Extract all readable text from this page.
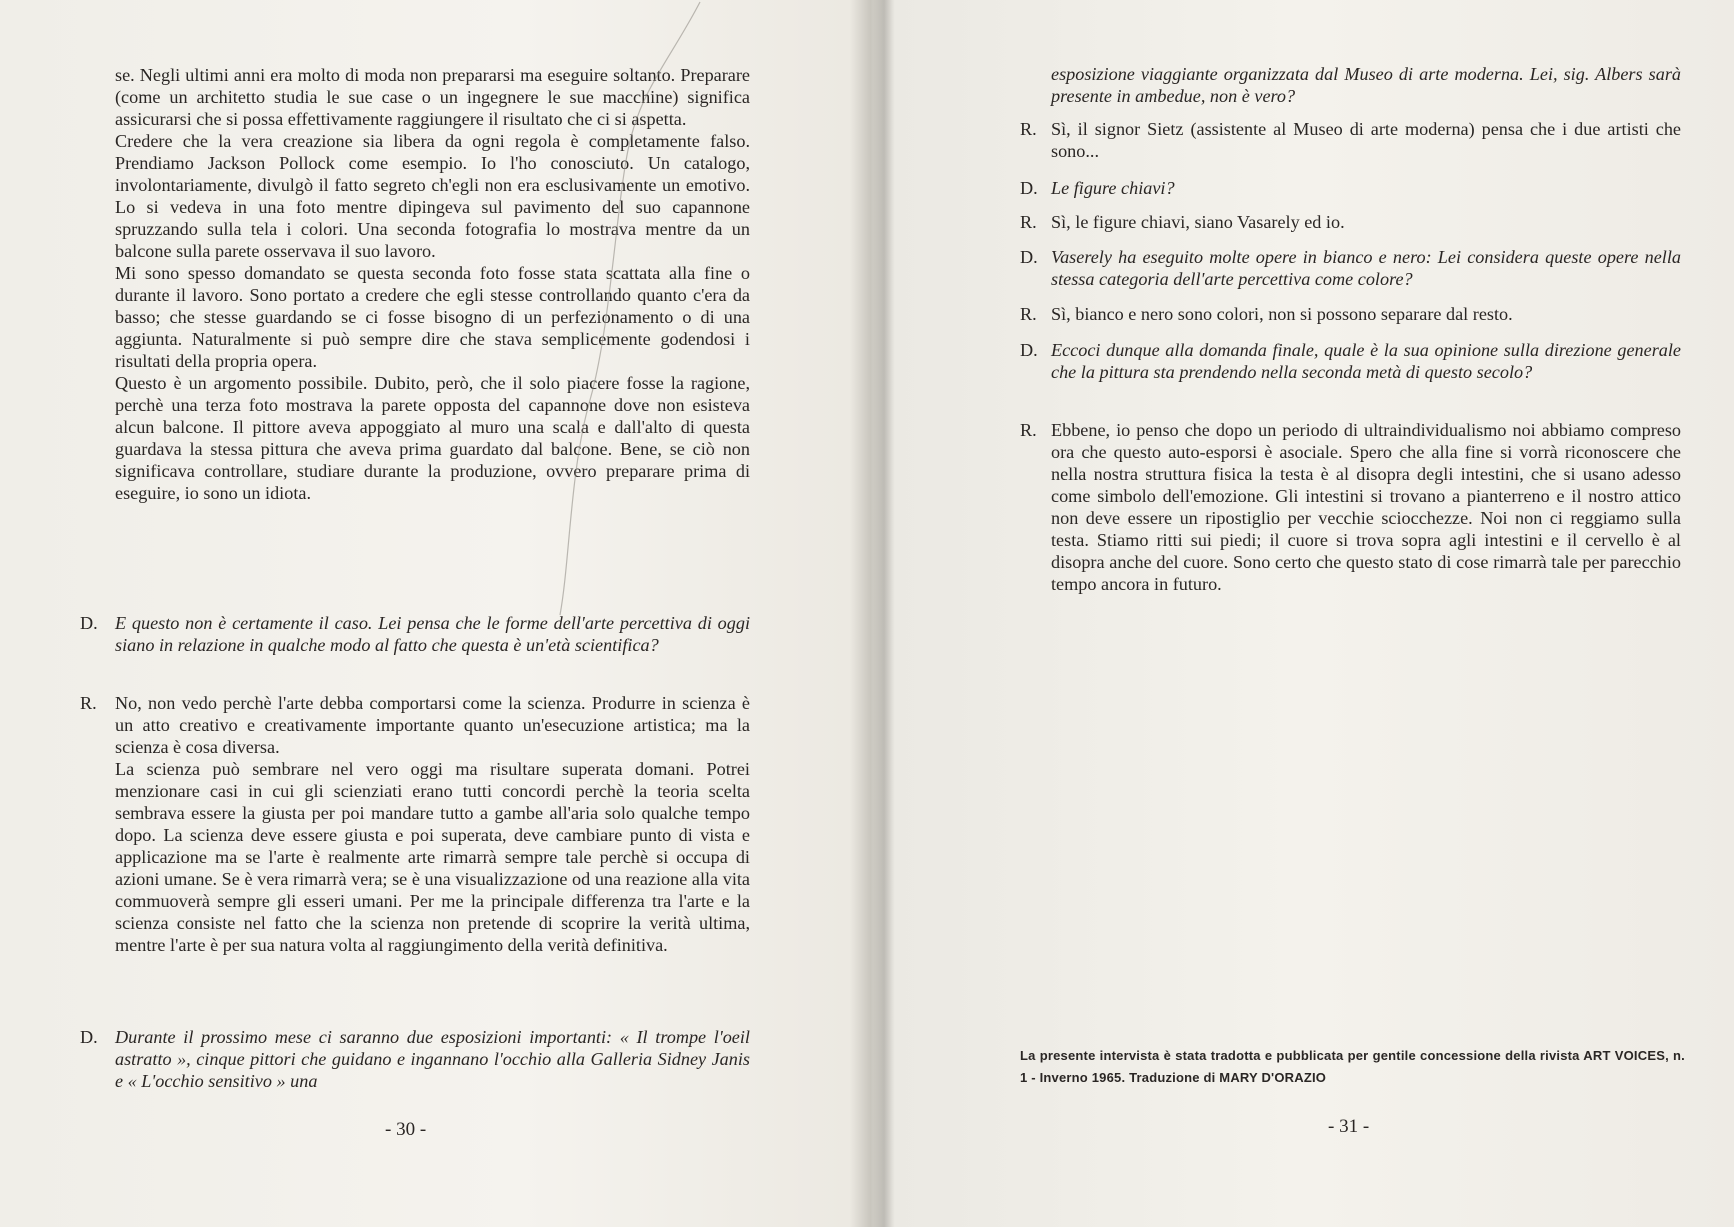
se. Negli ultimi anni era molto di moda non prepararsi ma eseguire soltanto. Preparare (come un architetto studia le sue case o un ingegnere le sue macchine) significa assicurarsi che si possa effettivamente raggiungere il risultato che ci si aspetta.

Credere che la vera creazione sia libera da ogni regola è completamente falso. Prendiamo Jackson Pollock come esempio. Io l'ho conosciuto. Un catalogo, involontariamente, divulgò il fatto segreto ch'egli non era esclusivamente un emotivo. Lo si vedeva in una foto mentre dipingeva sul pavimento del suo capannone spruzzando sulla tela i colori. Una seconda fotografia lo mostrava mentre da un balcone sulla parete osservava il suo lavoro.

Mi sono spesso domandato se questa seconda foto fosse stata scattata alla fine o durante il lavoro. Sono portato a credere che egli stesse controllando quanto c'era da basso; che stesse guardando se ci fosse bisogno di un perfezionamento o di una aggiunta. Naturalmente si può sempre dire che stava semplicemente godendosi i risultati della propria opera.

Questo è un argomento possibile. Dubito, però, che il solo piacere fosse la ragione, perchè una terza foto mostrava la parete opposta del capannone dove non esisteva alcun balcone. Il pittore aveva appoggiato al muro una scala e dall'alto di questa guardava la stessa pittura che aveva prima guardato dal balcone. Bene, se ciò non significava controllare, studiare durante la produzione, ovvero preparare prima di eseguire, io sono un idiota.

D. E questo non è certamente il caso. Lei pensa che le forme dell'arte percettiva di oggi siano in relazione in qualche modo al fatto che questa è un'età scientifica?

R. No, non vedo perchè l'arte debba comportarsi come la scienza. Produrre in scienza è un atto creativo e creativamente importante quanto un'esecuzione artistica; ma la scienza è cosa diversa.

La scienza può sembrare nel vero oggi ma risultare superata domani. Potrei menzionare casi in cui gli scienziati erano tutti concordi perchè la teoria scelta sembrava essere la giusta per poi mandare tutto a gambe all'aria solo qualche tempo dopo. La scienza deve essere giusta e poi superata, deve cambiare punto di vista e applicazione ma se l'arte è realmente arte rimarrà sempre tale perchè si occupa di azioni umane. Se è vera rimarrà vera; se è una visualizzazione od una reazione alla vita commuoverà sempre gli esseri umani. Per me la principale differenza tra l'arte e la scienza consiste nel fatto che la scienza non pretende di scoprire la verità ultima, mentre l'arte è per sua natura volta al raggiungimento della verità definitiva.

D. Durante il prossimo mese ci saranno due esposizioni importanti: « Il trompe l'oeil astratto », cinque pittori che guidano e ingannano l'occhio alla Galleria Sidney Janis e « L'occhio sensitivo » una

- 30 -

esposizione viaggiante organizzata dal Museo di arte moderna. Lei, sig. Albers sarà presente in ambedue, non è vero?

R. Sì, il signor Sietz (assistente al Museo di arte moderna) pensa che i due artisti che sono...

D. Le figure chiavi?

R. Sì, le figure chiavi, siano Vasarely ed io.

D. Vaserely ha eseguito molte opere in bianco e nero: Lei considera queste opere nella stessa categoria dell'arte percettiva come colore?

R. Sì, bianco e nero sono colori, non si possono separare dal resto.

D. Eccoci dunque alla domanda finale, quale è la sua opinione sulla direzione generale che la pittura sta prendendo nella seconda metà di questo secolo?

R. Ebbene, io penso che dopo un periodo di ultraindividualismo noi abbiamo compreso ora che questo auto-esporsi è asociale. Spero che alla fine si vorrà riconoscere che nella nostra struttura fisica la testa è al disopra degli intestini, che si usano adesso come simbolo dell'emozione. Gli intestini si trovano a pianterreno e il nostro attico non deve essere un ripostiglio per vecchie sciocchezze. Noi non ci reggiamo sulla testa. Stiamo ritti sui piedi; il cuore si trova sopra agli intestini e il cervello è al disopra anche del cuore. Sono certo che questo stato di cose rimarrà tale per parecchio tempo ancora in futuro.

La presente intervista è stata tradotta e pubblicata per gentile concessione della rivista ART VOICES, n. 1 - Inverno 1965. Traduzione di MARY D'ORAZIO
- 31 -
